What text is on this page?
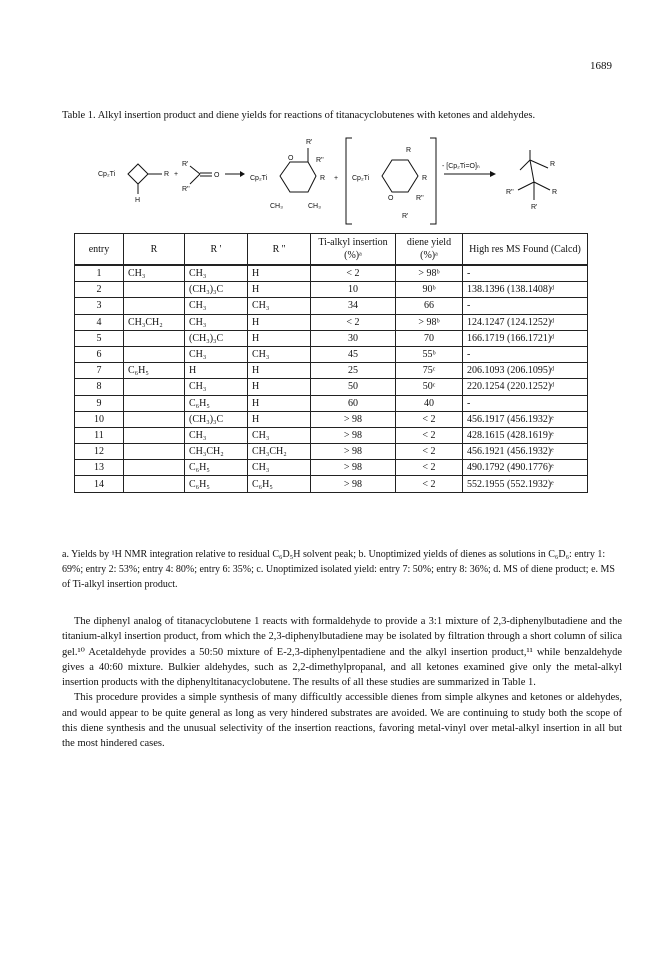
1689
Table 1. Alkyl insertion product and diene yields for reactions of titanacyclobutenes with ketones and aldehydes.
Cp₂Ti	R
H
+
R'
O
R''
Cp₂Ti
O
R'
R''
R
CH₃	CH₃
+ Cp₂Ti
R
R
O	R''
R'
- [Cp₂Ti=O]ₙ	R
R''	R
R'
entry	R	R '	R ''	Ti-alkyl insertion (%)ᵃ	diene yield (%)ᵃ	High res MS Found (Calcd)
1	CH₃	CH₃	H	< 2	> 98ᵇ	-
2		(CH₃)₃C	H	10	90ᵇ	138.1396 (138.1408)ᵈ
3		CH₃	CH₃	34	66	-
4	CH₃CH₂	CH₃	H	< 2	> 98ᵇ	124.1247 (124.1252)ᵈ
5		(CH₃)₃C	H	30	70	166.1719 (166.1721)ᵈ
6		CH₃	CH₃	45	55ᵇ	-
7	C₆H₅	H	H	25	75ᶜ	206.1093 (206.1095)ᵈ
8		CH₃	H	50	50ᶜ	220.1254 (220.1252)ᵈ
9		C₆H₅	H	60	40	-
10		(CH₃)₃C	H	> 98	< 2	456.1917 (456.1932)ᵉ
11		CH₃	CH₃	> 98	< 2	428.1615 (428.1619)ᵉ
12		CH₃CH₂	CH₃CH₂	> 98	< 2	456.1921 (456.1932)ᵉ
13		C₆H₅	CH₃	> 98	< 2	490.1792 (490.1776)ᵉ
14		C₆H₅	C₆H₅	> 98	< 2	552.1955 (552.1932)ᵉ
a. Yields by ¹H NMR integration relative to residual C₆D₅H solvent peak; b. Unoptimized yields of dienes as solutions in C₆D₆: entry 1: 69%; entry 2: 53%; entry 4: 80%; entry 6: 35%; c. Unoptimized isolated yield: entry 7: 50%; entry 8: 36%; d. MS of diene product; e. MS of Ti-alkyl insertion product.

The diphenyl analog of titanacyclobutene 1 reacts with formaldehyde to provide a 3:1 mixture of 2,3-diphenylbutadiene and the titanium-alkyl insertion product, from which the 2,3-diphenylbutadiene may be isolated by filtration through a short column of silica gel.¹⁰ Acetaldehyde provides a 50:50 mixture of E-2,3-diphenylpentadiene and the alkyl insertion product,¹¹ while benzaldehyde gives a 40:60 mixture. Bulkier aldehydes, such as 2,2-dimethylpropanal, and all ketones examined give only the metal-alkyl insertion products with the diphenyltitanacyclobutene. The results of all these studies are summarized in Table 1.

This procedure provides a simple synthesis of many difficultly accessible dienes from simple alkynes and ketones or aldehydes, and would appear to be quite general as long as very hindered substrates are avoided. We are continuing to study both the scope of this diene synthesis and the unusual selectivity of the insertion reactions, favoring metal-vinyl over metal-alkyl insertion in all but the most hindered cases.
